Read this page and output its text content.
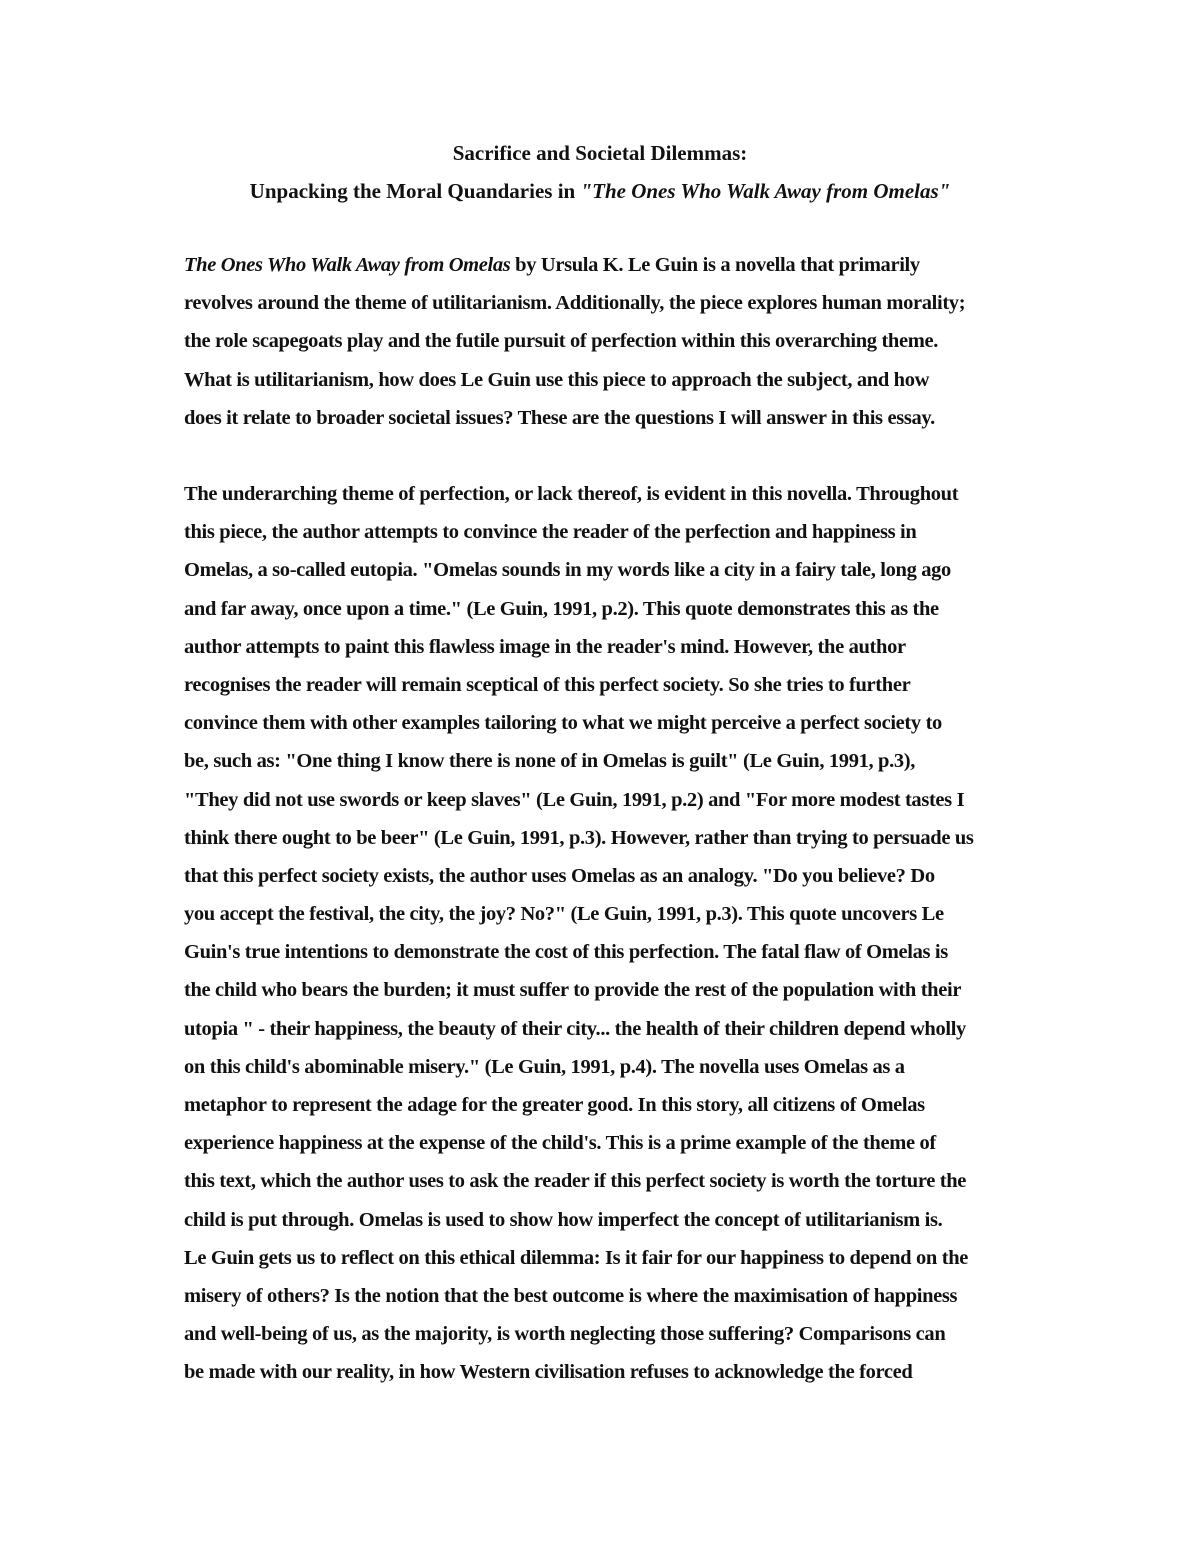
Sacrifice and Societal Dilemmas:
Unpacking the Moral Quandaries in "The Ones Who Walk Away from Omelas"
The Ones Who Walk Away from Omelas by Ursula K. Le Guin is a novella that primarily
revolves around the theme of utilitarianism. Additionally, the piece explores human morality;
the role scapegoats play and the futile pursuit of perfection within this overarching theme.
What is utilitarianism, how does Le Guin use this piece to approach the subject, and how
does it relate to broader societal issues? These are the questions I will answer in this essay.
The underarching theme of perfection, or lack thereof, is evident in this novella. Throughout
this piece, the author attempts to convince the reader of the perfection and happiness in
Omelas, a so-called eutopia. "Omelas sounds in my words like a city in a fairy tale, long ago
and far away, once upon a time." (Le Guin, 1991, p.2). This quote demonstrates this as the
author attempts to paint this flawless image in the reader's mind. However, the author
recognises the reader will remain sceptical of this perfect society. So she tries to further
convince them with other examples tailoring to what we might perceive a perfect society to
be, such as: "One thing I know there is none of in Omelas is guilt" (Le Guin, 1991, p.3),
"They did not use swords or keep slaves" (Le Guin, 1991, p.2) and "For more modest tastes I
think there ought to be beer" (Le Guin, 1991, p.3). However, rather than trying to persuade us
that this perfect society exists, the author uses Omelas as an analogy. "Do you believe? Do
you accept the festival, the city, the joy? No?" (Le Guin, 1991, p.3). This quote uncovers Le
Guin's true intentions to demonstrate the cost of this perfection. The fatal flaw of Omelas is
the child who bears the burden; it must suffer to provide the rest of the population with their
utopia " - their happiness, the beauty of their city... the health of their children depend wholly
on this child's abominable misery." (Le Guin, 1991, p.4). The novella uses Omelas as a
metaphor to represent the adage for the greater good. In this story, all citizens of Omelas
experience happiness at the expense of the child's. This is a prime example of the theme of
this text, which the author uses to ask the reader if this perfect society is worth the torture the
child is put through. Omelas is used to show how imperfect the concept of utilitarianism is.
Le Guin gets us to reflect on this ethical dilemma: Is it fair for our happiness to depend on the
misery of others? Is the notion that the best outcome is where the maximisation of happiness
and well-being of us, as the majority, is worth neglecting those suffering? Comparisons can
be made with our reality, in how Western civilisation refuses to acknowledge the forced
